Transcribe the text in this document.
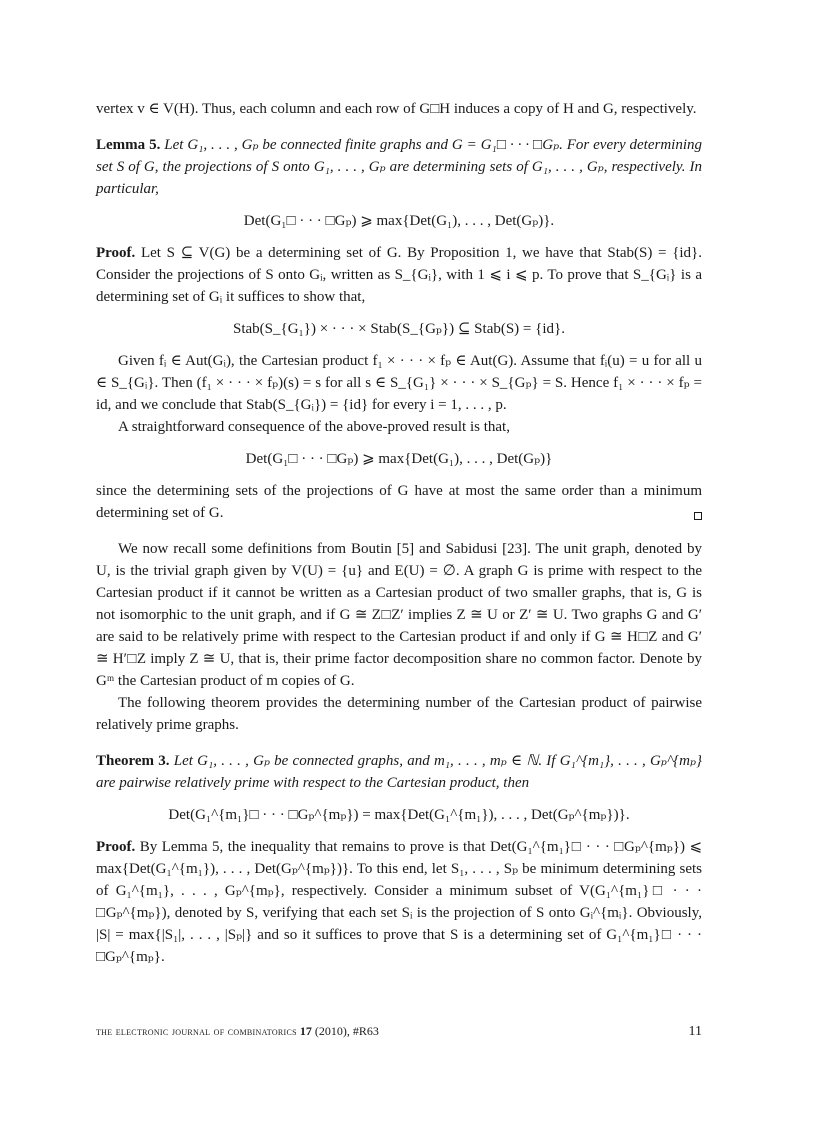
vertex v ∈ V(H). Thus, each column and each row of G□H induces a copy of H and G, respectively.

Lemma 5. Let G₁, . . . , Gₚ be connected finite graphs and G = G₁□ · · · □Gₚ. For every determining set S of G, the projections of S onto G₁, . . . , Gₚ are determining sets of G₁, . . . , Gₚ, respectively. In particular,

Det(G₁□ · · · □Gₚ) ⩾ max{Det(G₁), . . . , Det(Gₚ)}.

Proof. Let S ⊆ V(G) be a determining set of G. By Proposition 1, we have that Stab(S) = {id}. Consider the projections of S onto Gᵢ, written as S_{Gᵢ}, with 1 ⩽ i ⩽ p. To prove that S_{Gᵢ} is a determining set of Gᵢ it suffices to show that,

Stab(S_{G₁}) × · · · × Stab(S_{Gₚ}) ⊆ Stab(S) = {id}.

Given fᵢ ∈ Aut(Gᵢ), the Cartesian product f₁ × · · · × fₚ ∈ Aut(G). Assume that fᵢ(u) = u for all u ∈ S_{Gᵢ}. Then (f₁ × · · · × fₚ)(s) = s for all s ∈ S_{G₁} × · · · × S_{Gₚ} = S. Hence f₁ × · · · × fₚ = id, and we conclude that Stab(S_{Gᵢ}) = {id} for every i = 1, . . . , p.

A straightforward consequence of the above-proved result is that,

Det(G₁□ · · · □Gₚ) ⩾ max{Det(G₁), . . . , Det(Gₚ)}

since the determining sets of the projections of G have at most the same order than a minimum determining set of G.

We now recall some definitions from Boutin [5] and Sabidusi [23]. The unit graph, denoted by U, is the trivial graph given by V(U) = {u} and E(U) = ∅. A graph G is prime with respect to the Cartesian product if it cannot be written as a Cartesian product of two smaller graphs, that is, G is not isomorphic to the unit graph, and if G ≅ Z□Z′ implies Z ≅ U or Z′ ≅ U. Two graphs G and G′ are said to be relatively prime with respect to the Cartesian product if and only if G ≅ H□Z and G′ ≅ H′□Z imply Z ≅ U, that is, their prime factor decomposition share no common factor. Denote by Gᵐ the Cartesian product of m copies of G.

The following theorem provides the determining number of the Cartesian product of pairwise relatively prime graphs.

Theorem 3. Let G₁, . . . , Gₚ be connected graphs, and m₁, . . . , mₚ ∈ ℕ. If G₁^{m₁}, . . . , Gₚ^{mₚ} are pairwise relatively prime with respect to the Cartesian product, then

Det(G₁^{m₁}□ · · · □Gₚ^{mₚ}) = max{Det(G₁^{m₁}), . . . , Det(Gₚ^{mₚ})}.

Proof. By Lemma 5, the inequality that remains to prove is that Det(G₁^{m₁}□ · · · □Gₚ^{mₚ}) ⩽ max{Det(G₁^{m₁}), . . . , Det(Gₚ^{mₚ})}. To this end, let S₁, . . . , Sₚ be minimum determining sets of G₁^{m₁}, . . . , Gₚ^{mₚ}, respectively. Consider a minimum subset of V(G₁^{m₁}□ · · · □Gₚ^{mₚ}), denoted by S, verifying that each set Sᵢ is the projection of S onto Gᵢ^{mᵢ}. Obviously, |S| = max{|S₁|, . . . , |Sₚ|} and so it suffices to prove that S is a determining set of G₁^{m₁}□ · · · □Gₚ^{mₚ}.

the electronic journal of combinatorics 17 (2010), #R63	11
